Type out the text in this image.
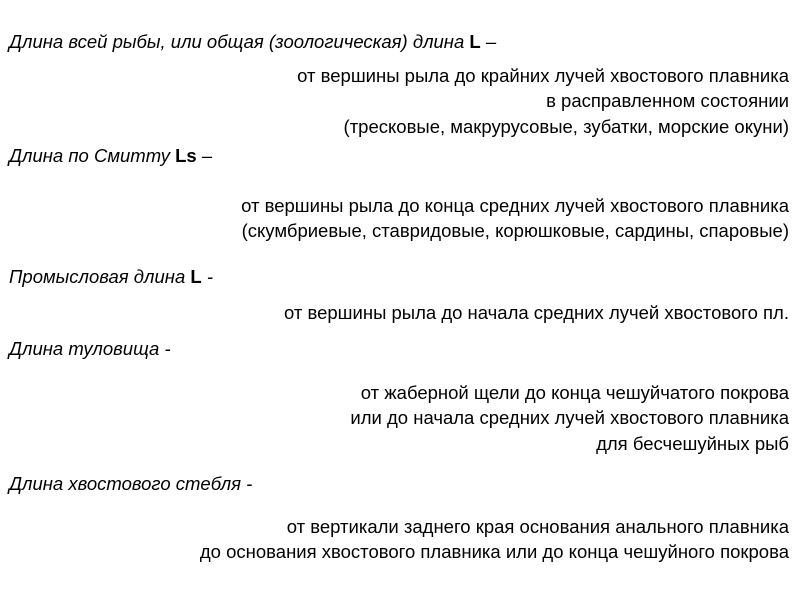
Длина всей рыбы, или общая (зоологическая) длина L –
от вершины рыла до крайних лучей хвостового плавника
в расправленном состоянии
(тресковые, макрурусовые, зубатки, морские окуни)
Длина по Смитту Ls –
от вершины рыла до конца средних лучей хвостового плавника
(скумбриевые, ставридовые, корюшковые, сардины, спаровые)
Промысловая длина L -
от вершины рыла до начала средних лучей хвостового пл.
Длина туловища -
от жаберной щели до конца чешуйчатого покрова
или до начала средних лучей хвостового плавника
для бесчешуйных рыб
Длина хвостового стебля -
от вертикали заднего края основания анального плавника
до основания хвостового плавника или до конца чешуйного покрова
